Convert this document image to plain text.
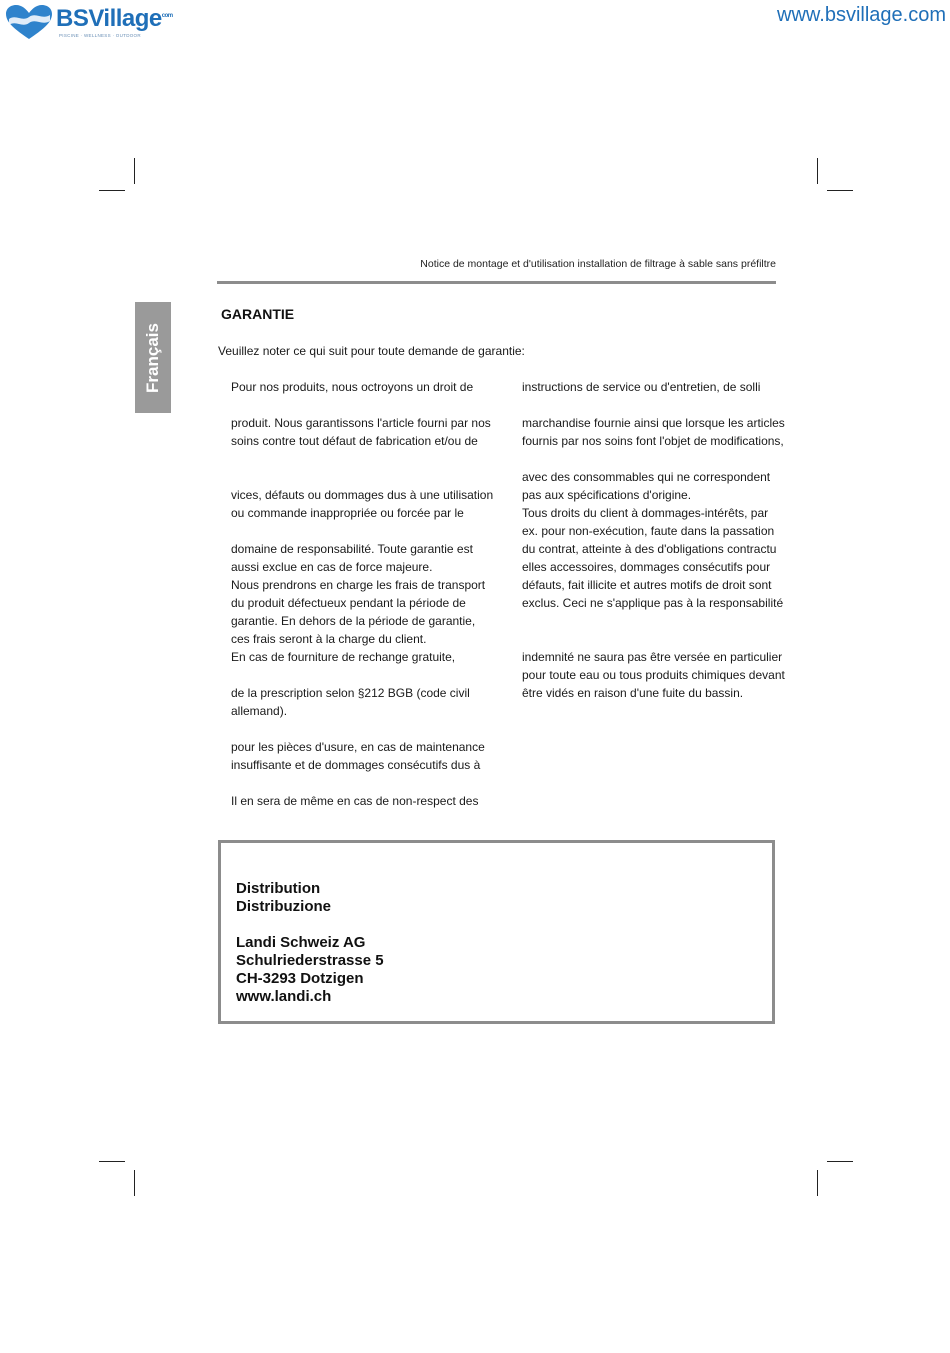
BSVillage$^{com}$
PISCINE · WELLNESS · OUTDOOR
www.bsvillage.com
Notice de montage et d'utilisation installation de filtrage à sable sans préfiltre
Français
GARANTIE
Veuillez noter ce qui suit pour toute demande de garantie:
Pour nos produits, nous octroyons un droit de
produit. Nous garantissons l'article fourni par nos
soins contre tout défaut de fabrication et/ou de
vices, défauts ou dommages dus à une utilisation
ou commande inappropriée ou forcée par le
domaine de responsabilité. Toute garantie est
aussi exclue en cas de force majeure.
Nous prendrons en charge les frais de transport
du produit défectueux pendant la période de
garantie. En dehors de la période de garantie,
ces frais seront à la charge du client.
En cas de fourniture de rechange gratuite,
de la prescription selon §212 BGB (code civil
allemand).
pour les pièces d'usure, en cas de maintenance
insuffisante et de dommages consécutifs dus à
Il en sera de même en cas de non-respect des
instructions de service ou d'entretien, de solli
marchandise fournie ainsi que lorsque les articles
fournis par nos soins font l'objet de modifications,
avec des consommables qui ne correspondent
pas aux spécifications d'origine.
Tous droits du client à dommages-intérêts, par
ex. pour non-exécution, faute dans la passation
du contrat, atteinte à des d'obligations contractu
elles accessoires, dommages consécutifs pour
défauts, fait illicite et autres motifs de droit sont
exclus. Ceci ne s'applique pas à la responsabilité
indemnité ne saura pas être versée en particulier
pour toute eau ou tous produits chimiques devant
être vidés en raison d'une fuite du bassin.
Distribution
Distribuzione
Landi Schweiz AG
Schulriederstrasse 5
CH-3293 Dotzigen
www.landi.ch
